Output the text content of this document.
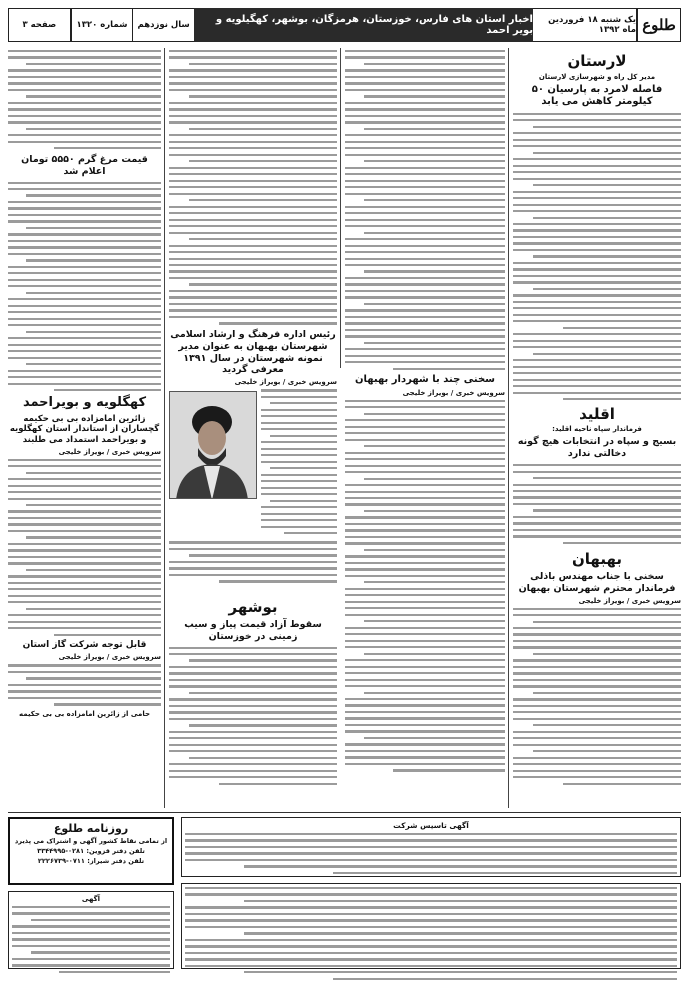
طلوع
یک شنبه ۱۸ فروردین ماه ۱۳۹۲
اخبار استان های فارس، خوزستان، هرمزگان، بوشهر، کهگیلویه و بویر احمد
سال نوزدهم
شماره ۱۳۲۰
صفحه ۳
لارستان
مدیر کل راه و شهرسازی لارستان
فاصله لامرد به پارسیان ۵۰ کیلومتر کاهش می یابد
اقلید
فرماندار سپاه ناحیه اقلید:
بسیج و سپاه در انتخابات هیچ گونه دخالتی ندارد
بهبهان
سخنی با جناب مهندس باذلی فرماندار محترم شهرستان بهبهان
سرویس خبری / بویراز خلیجی
سخنی چند با شهردار بهبهان
سرویس خبری / بویراز خلیجی
رئیس اداره فرهنگ و ارشاد اسلامی شهرستان بهبهان به عنوان مدیر نمونه شهرستان در سال ۱۳۹۱ معرفی گردید
سرویس خبری / بویراز خلیجی
بوشهر
سقوط آزاد قیمت پیاز و سیب زمینی در خوزستان
قیمت مرغ گرم ۵۵۵۰ تومان اعلام شد
کهگلویه و بویراحمد
زائرین امامزاده بی بی حکیمه گچساران از استاندار استان کهگلویه و بویراحمد استمداد می طلبند
سرویس خبری / بویراز خلیجی
قابل توجه شرکت گاز استان
سرویس خبری / بویراز خلیجی
حامی از زائرین امامزاده بی بی حکیمه
آگهی تاسیس شرکت
روزنامه طلوع
از تمامی نقاط کشور آگهی و اشتراک می پذیرد
تلفن دفتر قزوین: ۰۲۸۱-۳۳۴۴۹۹۵
تلفن دفتر شیراز: ۰۷۱۱-۲۲۲۶۷۳۹
آگهی
